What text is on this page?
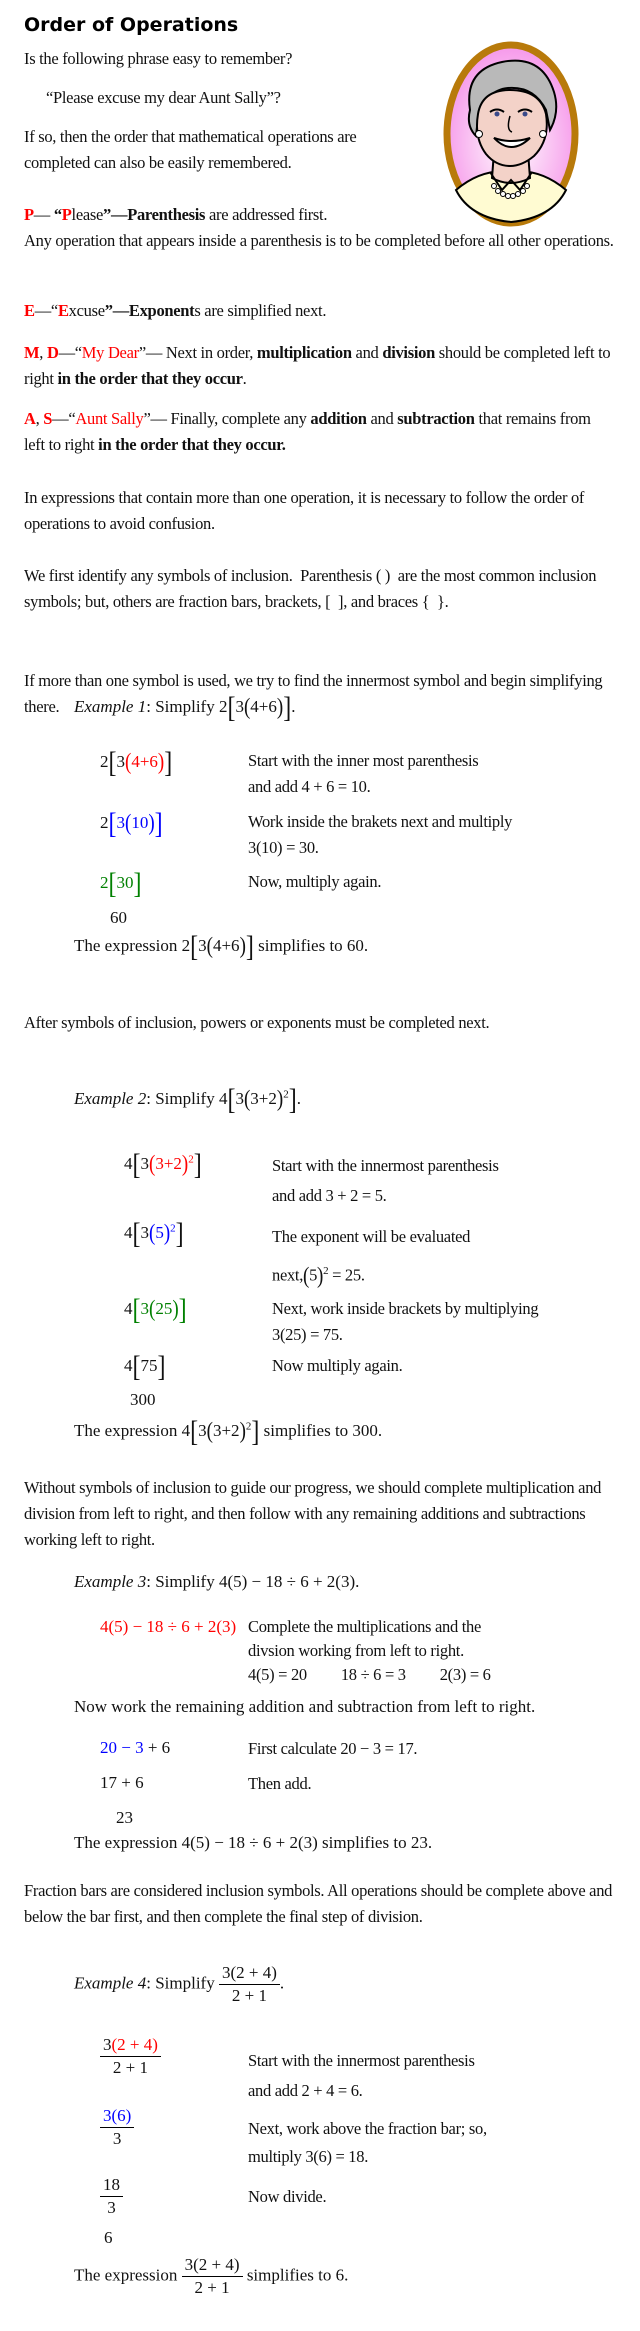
Order of Operations
Is the following phrase easy to remember?
“Please excuse my dear Aunt Sally”?
If so, then the order that mathematical operations are completed can also be easily remembered.
P— “Please”—Parenthesis are addressed first.
Any operation that appears inside a parenthesis is to be completed before all other operations.
E—“Excuse”—Exponents are simplified next.
M, D—“My Dear”— Next in order, multiplication and division should be completed left to right in the order that they occur.
A, S—“Aunt Sally”— Finally, complete any addition and subtraction that remains from left to right in the order that they occur.
In expressions that contain more than one operation, it is necessary to follow the order of operations to avoid confusion.
We first identify any symbols of inclusion.  Parenthesis ( )  are the most common inclusion symbols; but, others are fraction bars, brackets, [  ], and braces {  }.
If more than one symbol is used, we try to find the innermost symbol and begin simplifying there. Example 1: Simplify 2[3(4+6)].
2[3(4+6)]	Start with the inner most parenthesis
and add 4 + 6 = 10.
2[3(10)]	Work inside the brakets next and multiply
3(10) = 30.
2[30]	Now, multiply again.
60
The expression 2[3(4+6)] simplifies to 60.
After symbols of inclusion, powers or exponents must be completed next.
Example 2: Simplify $4[3(3+2)^2]$.
$4[3(3+2)^2]$	Start with the innermost parenthesis
and add 3 + 2 = 5.
$4[3(5)^2]$	The exponent will be evaluated
$next,(5)^2 = 25$.
4[3(25)]	Next, work inside brackets by multiplying
3(25) = 75.
4[75]	Now multiply again.
300
The expression $4[3(3+2)^2]$ simplifies to 300.
Without symbols of inclusion to guide our progress, we should complete multiplication and division from left to right, and then follow with any remaining additions and subtractions working left to right.
Example 3: Simplify 4(5) − 18 ÷ 6 + 2(3).
4(5) − 18 ÷ 6 + 2(3) Complete the multiplications and the
divsion working from left to right.
4(5) = 20 18 ÷ 6 = 3 2(3) = 6
Now work the remaining addition and subtraction from left to right.
20 − 3 + 6	First calculate 20 − 3 = 17.
17 + 6	Then add.
23
The expression 4(5) − 18 ÷ 6 + 2(3) simplifies to 23.
Fraction bars are considered inclusion symbols. All operations should be complete above and below the bar first, and then complete the final step of division.
Example 4: Simplify $\frac{3(2 + 4)}{2 + 1}$ .
$\frac{3(2 + 4)}{2 + 1}$	Start with the innermost parenthesis
and add 2 + 4 = 6.
$\frac{3(6)}{3}$	Next, work above the fraction bar; so,
multiply 3(6) = 18.
$\frac{18}{3}$	Now divide.
6
The expression $\frac{3(2 + 4)}{2 + 1}$ simplifies to 6.
